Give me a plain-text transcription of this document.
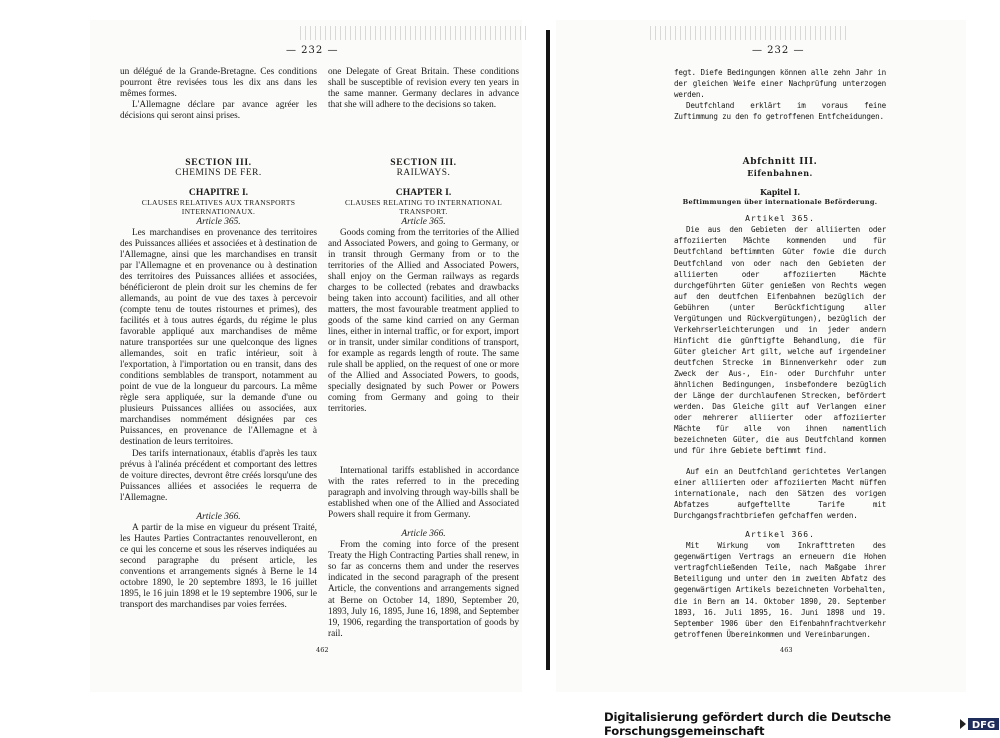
— 232 —	— 232 —

un délégué de la Grande-Bretagne. Ces conditions pourront être revisées tous les dix ans dans les mêmes formes.

L'Allemagne déclare par avance agréer les décisions qui seront ainsi prises.

SECTION III.

CHEMINS DE FER.

CHAPITRE I.

CLAUSES RELATIVES AUX TRANSPORTS INTERNATIONAUX.

Article 365.

Les marchandises en provenance des territoires des Puissances alliées et associées et à destination de l'Allemagne, ainsi que les marchandises en transit par l'Allemagne et en provenance ou à destination des territoires des Puissances alliées et associées, bénéficieront de plein droit sur les chemins de fer allemands, au point de vue des taxes à percevoir (compte tenu de toutes ristournes et primes), des facilités et à tous autres égards, du régime le plus favorable appliqué aux marchandises de même nature transportées sur une quelconque des lignes allemandes, soit en trafic intérieur, soit à l'exportation, à l'importation ou en transit, dans des conditions semblables de transport, notamment au point de vue de la longueur du parcours. La même règle sera appliquée, sur la demande d'une ou plusieurs Puissances alliées ou associées, aux marchandises nommément désignées par ces Puissances, en provenance de l'Allemagne et à destination de leurs territoires.

Des tarifs internationaux, établis d'après les taux prévus à l'alinéa précédent et comportant des lettres de voiture directes, devront être créés lorsqu'une des Puissances alliées et associées le requerra de l'Allemagne.

Article 366.

A partir de la mise en vigueur du présent Traité, les Hautes Parties Contractantes renouvelleront, en ce qui les concerne et sous les réserves indiquées au second paragraphe du présent article, les conventions et arrangements signés à Berne le 14 octobre 1890, le 20 septembre 1893, le 16 juillet 1895, le 16 juin 1898 et le 19 septembre 1906, sur le transport des marchandises par voies ferrées.

one Delegate of Great Britain. These conditions shall be susceptible of revision every ten years in the same manner. Germany declares in advance that she will adhere to the decisions so taken.

SECTION III.

RAILWAYS.

CHAPTER I.

CLAUSES RELATING TO INTERNATIONAL TRANSPORT.

Article 365.

Goods coming from the territories of the Allied and Associated Powers, and going to Germany, or in transit through Germany from or to the territories of the Allied and Associated Powers, shall enjoy on the German railways as regards charges to be collected (rebates and drawbacks being taken into account) facilities, and all other matters, the most favourable treatment applied to goods of the same kind carried on any German lines, either in internal traffic, or for export, import or in transit, under similar conditions of transport, for example as regards length of route. The same rule shall be applied, on the request of one or more of the Allied and Associated Powers, to goods, specially designated by such Power or Powers coming from Germany and going to their territories.

International tariffs established in accordance with the rates referred to in the preceding paragraph and involving through way-bills shall be established when one of the Allied and Associated Powers shall require it from Germany.

Article 366.

From the coming into force of the present Treaty the High Contracting Parties shall renew, in so far as concerns them and under the reserves indicated in the second paragraph of the present Article, the conventions and arrangements signed at Berne on October 14, 1890, September 20, 1893, July 16, 1895, June 16, 1898, and September 19, 1906, regarding the transportation of goods by rail.

462

fegt. Diefe Bedingungen können alle zehn Jahr in der gleichen Weife einer Nachprüfung unterzogen werden.

Deutfchland erklärt im voraus feine Zuftimmung zu den fo getroffenen Entfcheidungen.

Abfchnitt III.

Eifenbahnen.

Kapitel I.

Beftimmungen über internationale Beförderung.

Artikel 365.

Die aus den Gebieten der alliierten oder affoziierten Mächte kommenden und für Deutfchland beftimmten Güter fowie die durch Deutfchland von oder nach den Gebieten der alliierten oder affoziierten Mächte durchgeführten Güter genießen von Rechts wegen auf den deutfchen Eifenbahnen bezüglich der Gebühren (unter Berückfichtigung aller Vergütungen und Rückvergütungen), bezüglich der Verkehrserleichterungen und in jeder andern Hinficht die günftigfte Behandlung, die für Güter gleicher Art gilt, welche auf irgendeiner deutfchen Strecke im Binnenverkehr oder zum Zweck der Aus-, Ein- oder Durchfuhr unter ähnlichen Bedingungen, insbefondere bezüglich der Länge der durchlaufenen Strecken, befördert werden. Das Gleiche gilt auf Verlangen einer oder mehrerer alliierter oder affoziierter Mächte für alle von ihnen namentlich bezeichneten Güter, die aus Deutfchland kommen und für ihre Gebiete beftimmt find.

Auf ein an Deutfchland gerichtetes Verlangen einer alliierten oder affoziierten Macht müffen internationale, nach den Sätzen des vorigen Abfatzes aufgeftellte Tarife mit Durchgangsfrachtbriefen gefchaffen werden.

Artikel 366.

Mit Wirkung vom Inkrafttreten des gegenwärtigen Vertrags an erneuern die Hohen vertragfchließenden Teile, nach Maßgabe ihrer Beteiligung und unter den im zweiten Abfatz des gegenwärtigen Artikels bezeichneten Vorbehalten, die in Bern am 14. Oktober 1890, 20. September 1893, 16. Juli 1895, 16. Juni 1898 und 19. September 1906 über den Eifenbahnfrachtverkehr getroffenen Übereinkommen und Vereinbarungen.

463
Digitalisierung gefördert durch die Deutsche Forschungsgemeinschaft	DFG
